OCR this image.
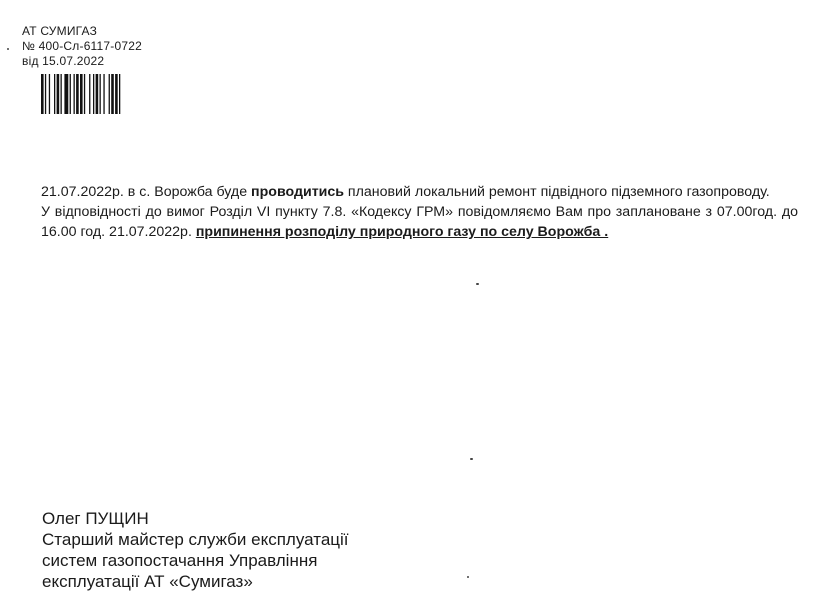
АТ СУМИГАЗ
№ 400-Сл-6117-0722
від 15.07.2022

21.07.2022р. в с. Ворожба буде проводитись плановий локальний ремонт підвідного підземного газопроводу.

У відповідності до вимог Розділ VI пункту 7.8. «Кодексу ГРМ» повідомляємо Вам про заплановане з 07.00год. до 16.00 год. 21.07.2022р. припинення розподілу природного газу по селу Ворожба .

Олег ПУЩИН
Старший майстер служби експлуатації
систем газопостачання Управління
експлуатації АТ «Сумигаз»
